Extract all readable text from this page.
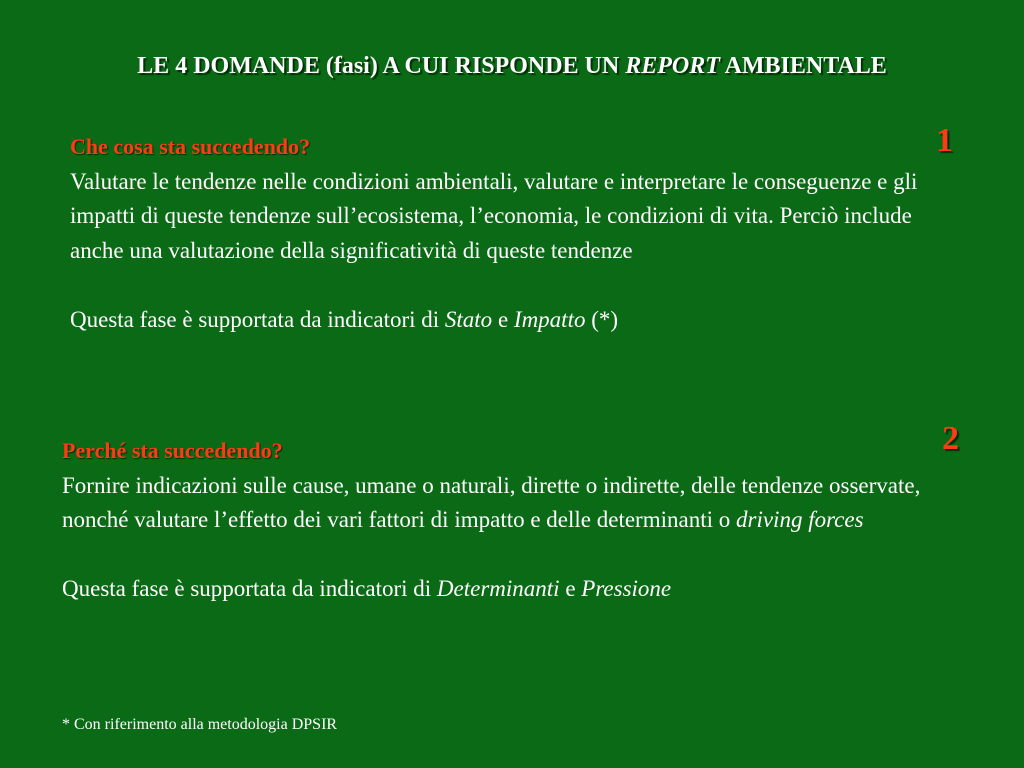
LE 4 DOMANDE (fasi) A CUI RISPONDE UN REPORT AMBIENTALE
1
Che cosa sta succedendo?
Valutare le tendenze nelle condizioni ambientali, valutare e interpretare le conseguenze e gli impatti di queste tendenze sull’ecosistema, l’economia, le condizioni di vita. Perciò include anche una valutazione della significatività di queste tendenze
Questa fase è supportata da indicatori di Stato e Impatto (*)
2
Perché sta succedendo?
Fornire indicazioni sulle cause, umane o naturali, dirette o indirette, delle tendenze osservate, nonché valutare l’effetto dei vari fattori di impatto e delle determinanti o driving forces
Questa fase è supportata da indicatori di Determinanti e Pressione
* Con riferimento alla metodologia DPSIR
